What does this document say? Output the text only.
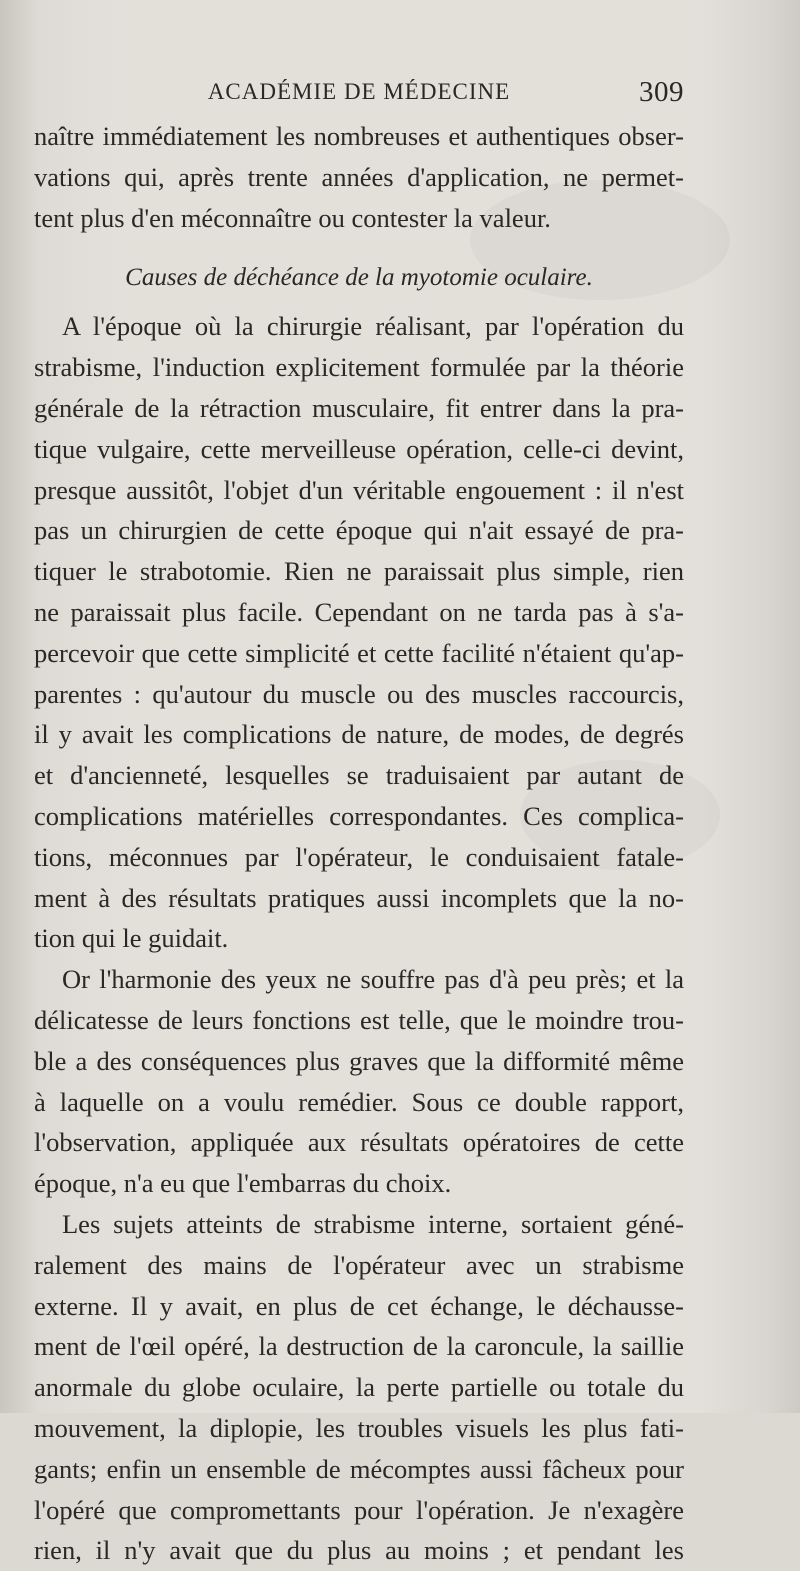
ACADÉMIE DE MÉDECINE	309
naître immédiatement les nombreuses et authentiques obser-
vations qui, après trente années d'application, ne permet-
tent plus d'en méconnaître ou contester la valeur.
Causes de déchéance de la myotomie oculaire.
A l'époque où la chirurgie réalisant, par l'opération du
strabisme, l'induction explicitement formulée par la théorie
générale de la rétraction musculaire, fit entrer dans la pra-
tique vulgaire, cette merveilleuse opération, celle-ci devint,
presque aussitôt, l'objet d'un véritable engouement : il n'est
pas un chirurgien de cette époque qui n'ait essayé de pra-
tiquer le strabotomie. Rien ne paraissait plus simple, rien
ne paraissait plus facile. Cependant on ne tarda pas à s'a-
percevoir que cette simplicité et cette facilité n'étaient qu'ap-
parentes : qu'autour du muscle ou des muscles raccourcis,
il y avait les complications de nature, de modes, de degrés
et d'ancienneté, lesquelles se traduisaient par autant de
complications matérielles correspondantes. Ces complica-
tions, méconnues par l'opérateur, le conduisaient fatale-
ment à des résultats pratiques aussi incomplets que la no-
tion qui le guidait.
Or l'harmonie des yeux ne souffre pas d'à peu près; et la
délicatesse de leurs fonctions est telle, que le moindre trou-
ble a des conséquences plus graves que la difformité même
à laquelle on a voulu remédier. Sous ce double rapport,
l'observation, appliquée aux résultats opératoires de cette
époque, n'a eu que l'embarras du choix.
Les sujets atteints de strabisme interne, sortaient géné-
ralement des mains de l'opérateur avec un strabisme
externe. Il y avait, en plus de cet échange, le déchausse-
ment de l'œil opéré, la destruction de la caroncule, la saillie
anormale du globe oculaire, la perte partielle ou totale du
mouvement, la diplopie, les troubles visuels les plus fati-
gants; enfin un ensemble de mécomptes aussi fâcheux pour
l'opéré que compromettants pour l'opération. Je n'exagère
rien, il n'y avait que du plus au moins ; et pendant les
